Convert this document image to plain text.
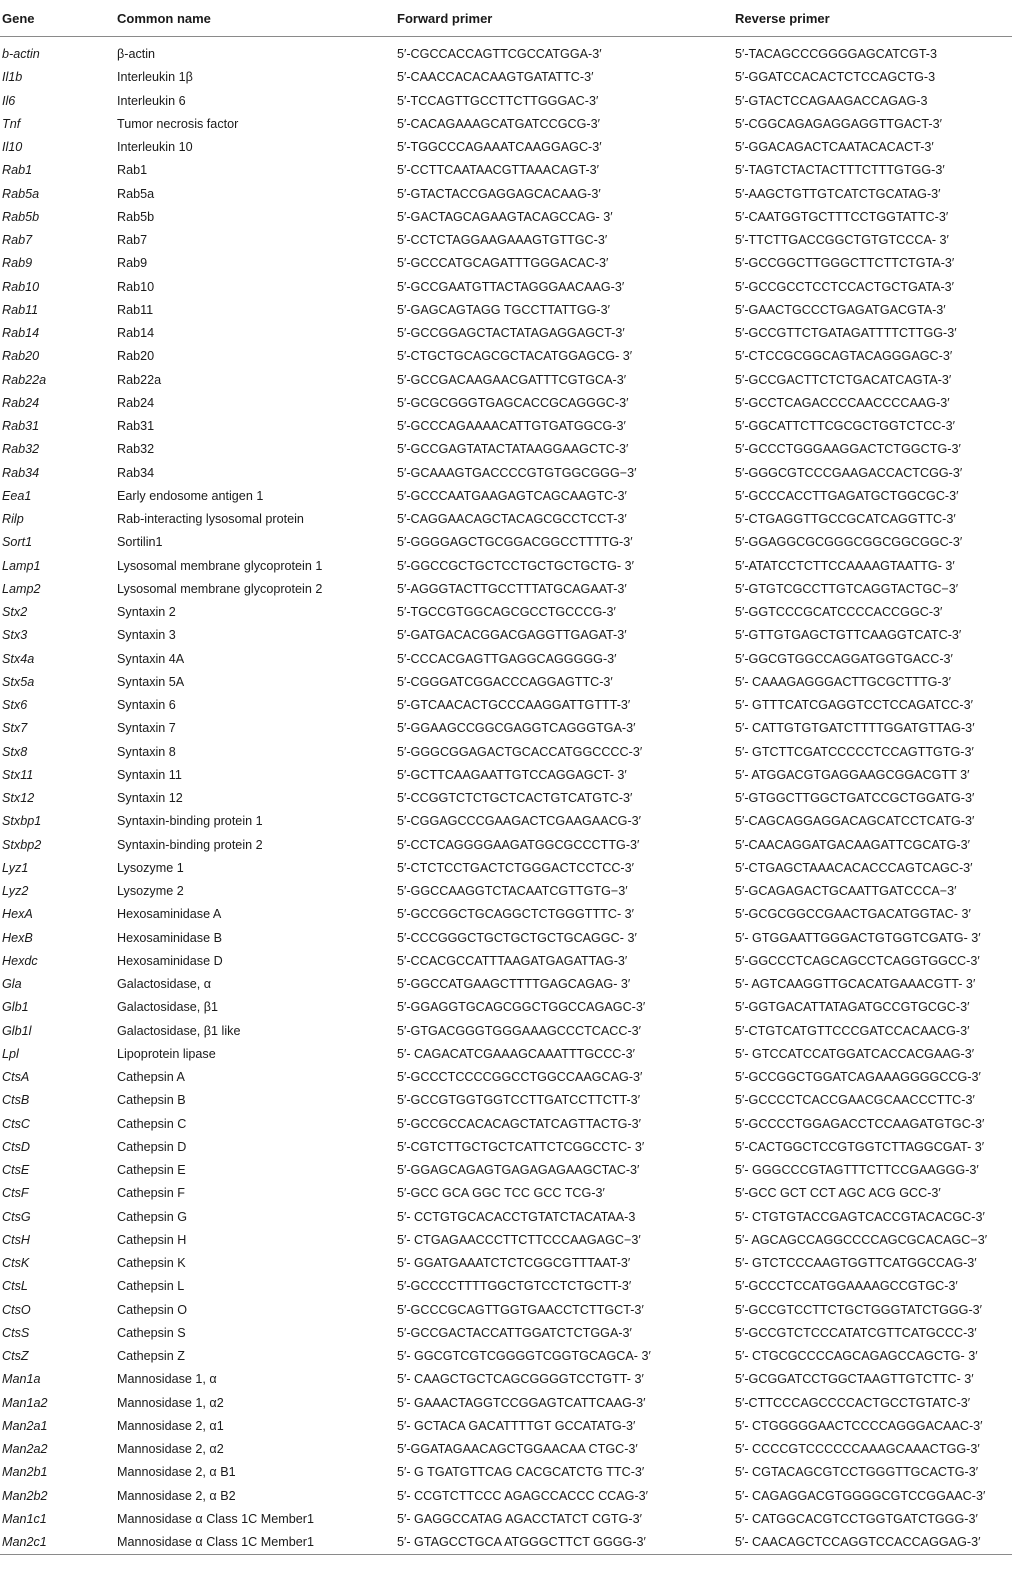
Gene	Common name	Forward primer	Reverse primer
b-actin	β-actin	5′-CGCCACCAGTTCGCCATGGA-3′	5′-TACAGCCCGGGGAGCATCGT-3
Il1b	Interleukin 1β	5′-CAACCACACAAGTGATATTC-3′	5′-GGATCCACACTCTCCAGCTG-3
Il6	Interleukin 6	5′-TCCAGTTGCCTTCTTGGGAC-3′	5′-GTACTCCAGAAGACCAGAG-3
Tnf	Tumor necrosis factor	5′-CACAGAAAGCATGATCCGCG-3′	5′-CGGCAGAGAGGAGGTTGACT-3′
Il10	Interleukin 10	5′-TGGCCCAGAAATCAAGGAGC-3′	5′-GGACAGACTCAATACACACT-3′
Rab1	Rab1	5′-CCTTCAATAACGTTAAACAGT-3′	5′-TAGTCTACTACTTTCTTTGTGG-3′
Rab5a	Rab5a	5′-GTACTACCGAGGAGCACAAG-3′	5′-AAGCTGTTGTCATCTGCATAG-3′
Rab5b	Rab5b	5′-GACTAGCAGAAGTACAGCCAG- 3′	5′-CAATGGTGCTTTCCTGGTATTC-3′
Rab7	Rab7	5′-CCTCTAGGAAGAAAGTGTTGC-3′	5′-TTCTTGACCGGCTGTGTCCCA- 3′
Rab9	Rab9	5′-GCCCATGCAGATTTGGGACAC-3′	5′-GCCGGCTTGGGCTTCTTCTGTA-3′
Rab10	Rab10	5′-GCCGAATGTTACTAGGGAACAAG-3′	5′-GCCGCCTCCTCCACTGCTGATA-3′
Rab11	Rab11	5′-GAGCAGTAGG TGCCTTATTGG-3′	5′-GAACTGCCCTGAGATGACGTA-3′
Rab14	Rab14	5′-GCCGGAGCTACTATAGAGGAGCT-3′	5′-GCCGTTCTGATAGATTTTCTTGG-3′
Rab20	Rab20	5′-CTGCTGCAGCGCTACATGGAGCG- 3′	5′-CTCCGCGGCAGTACAGGGAGC-3′
Rab22a	Rab22a	5′-GCCGACAAGAACGATTTCGTGCA-3′	5′-GCCGACTTCTCTGACATCAGTA-3′
Rab24	Rab24	5′-GCGCGGGTGAGCACCGCAGGGC-3′	5′-GCCTCAGACCCCAACCCCAAG-3′
Rab31	Rab31	5′-GCCCAGAAAACATTGTGATGGCG-3′	5′-GGCATTCTTCGCGCTGGTCTCC-3′
Rab32	Rab32	5′-GCCGAGTATACTATAAGGAAGCTC-3′	5′-GCCCTGGGAAGGACTCTGGCTG-3′
Rab34	Rab34	5′-GCAAAGTGACCCCGTGTGGCGGG−3′	5′-GGGCGTCCCGAAGACCACTCGG-3′
Eea1	Early endosome antigen 1	5′-GCCCAATGAAGAGTCAGCAAGTC-3′	5′-GCCCACCTTGAGATGCTGGCGC-3′
Rilp	Rab-interacting lysosomal protein	5′-CAGGAACAGCTACAGCGCCTCCT-3′	5′-CTGAGGTTGCCGCATCAGGTTC-3′
Sort1	Sortilin1	5′-GGGGAGCTGCGGACGGCCTTTTG-3′	5′-GGAGGCGCGGGCGGCGGCGGC-3′
Lamp1	Lysosomal membrane glycoprotein 1	5′-GGCCGCTGCTCCTGCTGCTGCTG- 3′	5′-ATATCCTCTTCCAAAAGTAATTG- 3′
Lamp2	Lysosomal membrane glycoprotein 2	5′-AGGGTACTTGCCTTTATGCAGAAT-3′	5′-GTGTCGCCTTGTCAGGTACTGC−3′
Stx2	Syntaxin 2	5′-TGCCGTGGCAGCGCCTGCCCG-3′	5′-GGTCCCGCATCCCCACCGGC-3′
Stx3	Syntaxin 3	5′-GATGACACGGACGAGGTTGAGAT-3′	5′-GTTGTGAGCTGTTCAAGGTCATC-3′
Stx4a	Syntaxin 4A	5′-CCCACGAGTTGAGGCAGGGGG-3′	5′-GGCGTGGCCAGGATGGTGACC-3′
Stx5a	Syntaxin 5A	5′-CGGGATCGGACCCAGGAGTTC-3′	5′- CAAAGAGGGACTTGCGCTTTG-3′
Stx6	Syntaxin 6	5′-GTCAACACTGCCCAAGGATTGTTT-3′	5′- GTTTCATCGAGGTCCTCCAGATCC-3′
Stx7	Syntaxin 7	5′-GGAAGCCGGCGAGGTCAGGGTGA-3′	5′- CATTGTGTGATCTTTTGGATGTTAG-3′
Stx8	Syntaxin 8	5′-GGGCGGAGACTGCACCATGGCCCC-3′	5′- GTCTTCGATCCCCCTCCAGTTGTG-3′
Stx11	Syntaxin 11	5′-GCTTCAAGAATTGTCCAGGAGCT- 3′	5′- ATGGACGTGAGGAAGCGGACGTT 3′
Stx12	Syntaxin 12	5′-CCGGTCTCTGCTCACTGTCATGTC-3′	5′-GTGGCTTGGCTGATCCGCTGGATG-3′
Stxbp1	Syntaxin-binding protein 1	5′-CGGAGCCCGAAGACTCGAAGAACG-3′	5′-CAGCAGGAGGACAGCATCCTCATG-3′
Stxbp2	Syntaxin-binding protein 2	5′-CCTCAGGGGAAGATGGCGCCCTTG-3′	5′-CAACAGGATGACAAGATTCGCATG-3′
Lyz1	Lysozyme 1	5′-CTCTCCTGACTCTGGGACTCCTCC-3′	5′-CTGAGCTAAACACACCCAGTCAGC-3′
Lyz2	Lysozyme 2	5′-GGCCAAGGTCTACAATCGTTGTG−3′	5′-GCAGAGACTGCAATTGATCCCA−3′
HexA	Hexosaminidase A	5′-GCCGGCTGCAGGCTCTGGGTTTC- 3′	5′-GCGCGGCCGAACTGACATGGTAC- 3′
HexB	Hexosaminidase B	5′-CCCGGGCTGCTGCTGCTGCAGGC- 3′	5′- GTGGAATTGGGACTGTGGTCGATG- 3′
Hexdc	Hexosaminidase D	5′-CCACGCCATTTAAGATGAGATTAG-3′	5′-GGCCCTCAGCAGCCTCAGGTGGCC-3′
Gla	Galactosidase, α	5′-GGCCATGAAGCTTTTGAGCAGAG- 3′	5′- AGTCAAGGTTGCACATGAAACGTT- 3′
Glb1	Galactosidase, β1	5′-GGAGGTGCAGCGGCTGGCCAGAGC-3′	5′-GGTGACATTATAGATGCCGTGCGC-3′
Glb1l	Galactosidase, β1 like	5′-GTGACGGGTGGGAAAGCCCTCACC-3′	5′-CTGTCATGTTCCCGATCCACAACG-3′
Lpl	Lipoprotein lipase	5′- CAGACATCGAAAGCAAATTTGCCC-3′	5′- GTCCATCCATGGATCACCACGAAG-3′
CtsA	Cathepsin A	5′-GCCCTCCCCGGCCTGGCCAAGCAG-3′	5′-GCCGGCTGGATCAGAAAGGGGCCG-3′
CtsB	Cathepsin B	5′-GCCGTGGTGGTCCTTGATCCTTCTT-3′	5′-GCCCCTCACCGAACGCAACCCTTC-3′
CtsC	Cathepsin C	5′-GCCGCCACACAGCTATCAGTTACTG-3′	5′-GCCCCTGGAGACCTCCAAGATGTGC-3′
CtsD	Cathepsin D	5′-CGTCTTGCTGCTCATTCTCGGCCTC- 3′	5′-CACTGGCTCCGTGGTCTTAGGCGAT- 3′
CtsE	Cathepsin E	5′-GGAGCAGAGTGAGAGAGAAGCTAC-3′	5′- GGGCCCGTAGTTTCTTCCGAAGGG-3′
CtsF	Cathepsin F	5′-GCC GCA GGC TCC GCC TCG-3′	5′-GCC GCT CCT AGC ACG GCC-3′
CtsG	Cathepsin G	5′- CCTGTGCACACCTGTATCTACATAA-3	5′- CTGTGTACCGAGTCACCGTACACGC-3′
CtsH	Cathepsin H	5′- CTGAGAACCCTTCTTCCCAAGAGC−3′	5′- AGCAGCCAGGCCCCAGCGCACAGC−3′
CtsK	Cathepsin K	5′- GGATGAAATCTCTCGGCGTTTAAT-3′	5′- GTCTCCCAAGTGGTTCATGGCCAG-3′
CtsL	Cathepsin L	5′-GCCCCTTTTGGCTGTCCTCTGCTT-3′	5′-GCCCTCCATGGAAAAGCCGTGC-3′
CtsO	Cathepsin O	5′-GCCCGCAGTTGGTGAACCTCTTGCT-3′	5′-GCCGTCCTTCTGCTGGGTATCTGGG-3′
CtsS	Cathepsin S	5′-GCCGACTACCATTGGATCTCTGGA-3′	5′-GCCGTCTCCCATATCGTTCATGCCC-3′
CtsZ	Cathepsin Z	5′- GGCGTCGTCGGGGTCGGTGCAGCA- 3′	5′- CTGCGCCCCAGCAGAGCCAGCTG- 3′
Man1a	Mannosidase 1, α	5′- CAAGCTGCTCAGCGGGGTCCTGTT- 3′	5′-GCGGATCCTGGCTAAGTTGTCTTC- 3′
Man1a2	Mannosidase 1, α2	5′- GAAACTAGGTCCGGAGTCATTCAAG-3′	5′-CTTCCCAGCCCCACTGCCTGTATC-3′
Man2a1	Mannosidase 2, α1	5′- GCTACA GACATTTTGT GCCATATG-3′	5′- CTGGGGGAACTCCCCAGGGACAAC-3′
Man2a2	Mannosidase 2, α2	5′-GGATAGAACAGCTGGAACAA CTGC-3′	5′- CCCCGTCCCCCCAAAGCAAACTGG-3′
Man2b1	Mannosidase 2, α B1	5′- G TGATGTTCAG CACGCATCTG TTC-3′	5′- CGTACAGCGTCCTGGGTTGCACTG-3′
Man2b2	Mannosidase 2, α B2	5′- CCGTCTTCCC AGAGCCACCC CCAG-3′	5′- CAGAGGACGTGGGGCGTCCGGAAC-3′
Man1c1	Mannosidase α Class 1C Member1	5′- GAGGCCATAG AGACCTATCT CGTG-3′	5′- CATGGCACGTCCTGGTGATCTGGG-3′
Man2c1	Mannosidase α Class 1C Member1	5′- GTAGCCTGCA ATGGGCTTCT GGGG-3′	5′- CAACAGCTCCAGGTCCACCAGGAG-3′
